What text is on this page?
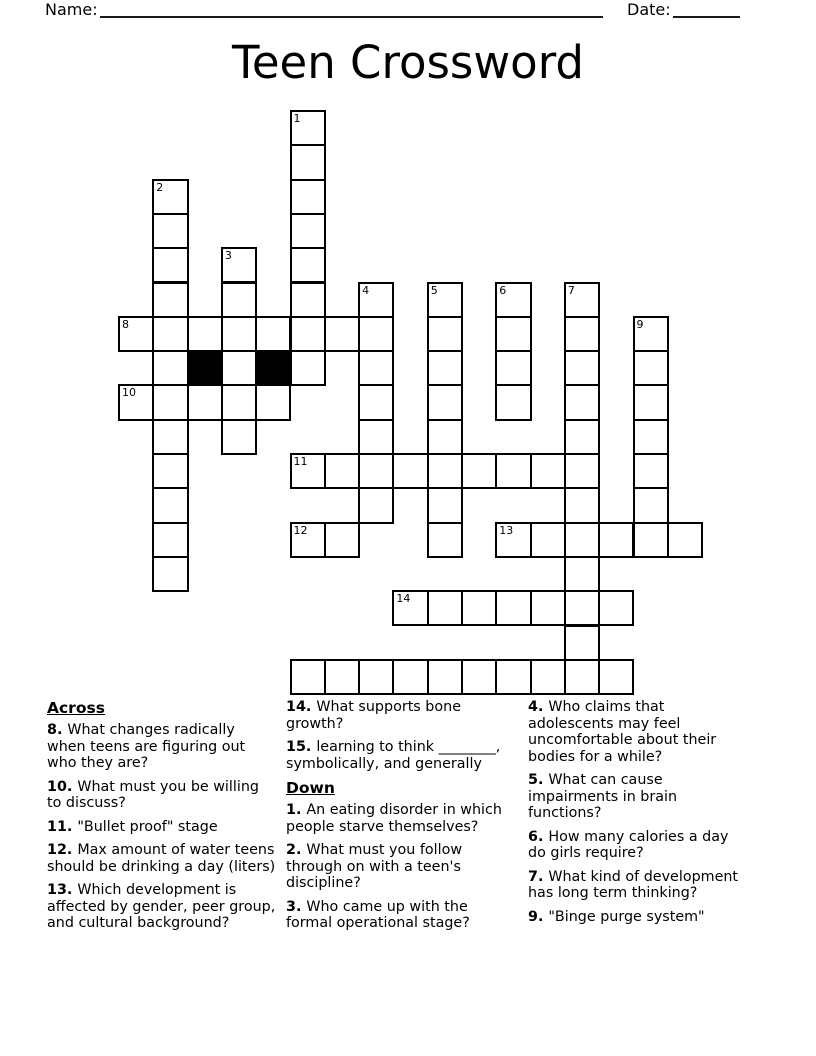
Name:	Date:
Teen Crossword
1
2
3
4	5	6	7
8	9
10
11
12	13
14
Across
8. What changes radically when teens are figuring out who they are?
10. What must you be willing to discuss?
11. "Bullet proof" stage
12. Max amount of water teens should be drinking a day (liters)
13. Which development is affected by gender, peer group, and cultural background?
14. What supports bone growth?
15. learning to think ________, symbolically, and generally
Down
1. An eating disorder in which people starve themselves?
2. What must you follow through on with a teen's discipline?
3. Who came up with the formal operational stage?
4. Who claims that adolescents may feel uncomfortable about their bodies for a while?
5. What can cause impairments in brain functions?
6. How many calories a day do girls require?
7. What kind of development has long term thinking?
9. "Binge purge system"
